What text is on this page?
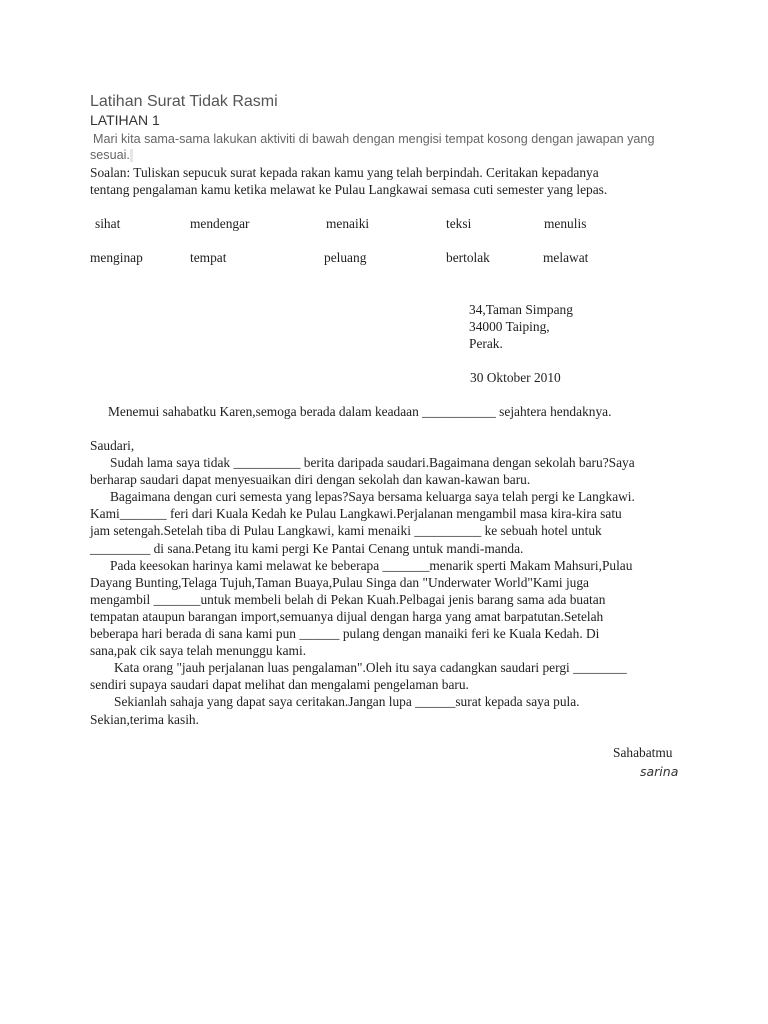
Latihan Surat Tidak Rasmi
LATIHAN 1
Mari kita sama-sama lakukan aktiviti di bawah dengan mengisi tempat kosong dengan jawapan yang
sesuai.
Soalan: Tuliskan sepucuk surat kepada rakan kamu yang telah berpindah. Ceritakan kepadanya
tentang pengalaman kamu ketika melawat ke Pulau Langkawai semasa cuti semester yang lepas.
sihat	mendengar	menaiki	teksi	menulis
menginap	tempat	peluang	bertolak	melawat
34,Taman Simpang
34000 Taiping,
Perak.
30 Oktober 2010
Menemui sahabatku Karen,semoga berada dalam keadaan ___________ sejahtera hendaknya.
Saudari,
Sudah lama saya tidak __________ berita daripada saudari.Bagaimana dengan sekolah baru?Saya
berharap saudari dapat menyesuaikan diri dengan sekolah dan kawan-kawan baru.
Bagaimana dengan curi semesta yang lepas?Saya bersama keluarga saya telah pergi ke Langkawi.
Kami_______ feri dari Kuala Kedah ke Pulau Langkawi.Perjalanan mengambil masa kira-kira satu
jam setengah.Setelah tiba di Pulau Langkawi, kami menaiki __________ ke sebuah hotel untuk
_________ di sana.Petang itu kami pergi Ke Pantai Cenang untuk mandi-manda.
Pada keesokan harinya kami melawat ke beberapa _______menarik sperti Makam Mahsuri,Pulau
Dayang Bunting,Telaga Tujuh,Taman Buaya,Pulau Singa dan "Underwater World"Kami juga
mengambil _______untuk membeli belah di Pekan Kuah.Pelbagai jenis barang sama ada buatan
tempatan ataupun barangan import,semuanya dijual dengan harga yang amat barpatutan.Setelah
beberapa hari berada di sana kami pun ______ pulang dengan manaiki feri ke Kuala Kedah. Di
sana,pak cik saya telah menunggu kami.
Kata orang "jauh perjalanan luas pengalaman".Oleh itu saya cadangkan saudari pergi ________
sendiri supaya saudari dapat melihat dan mengalami pengelaman baru.
Sekianlah sahaja yang dapat saya ceritakan.Jangan lupa ______surat kepada saya pula.
Sekian,terima kasih.
Sahabatmu
sarina
